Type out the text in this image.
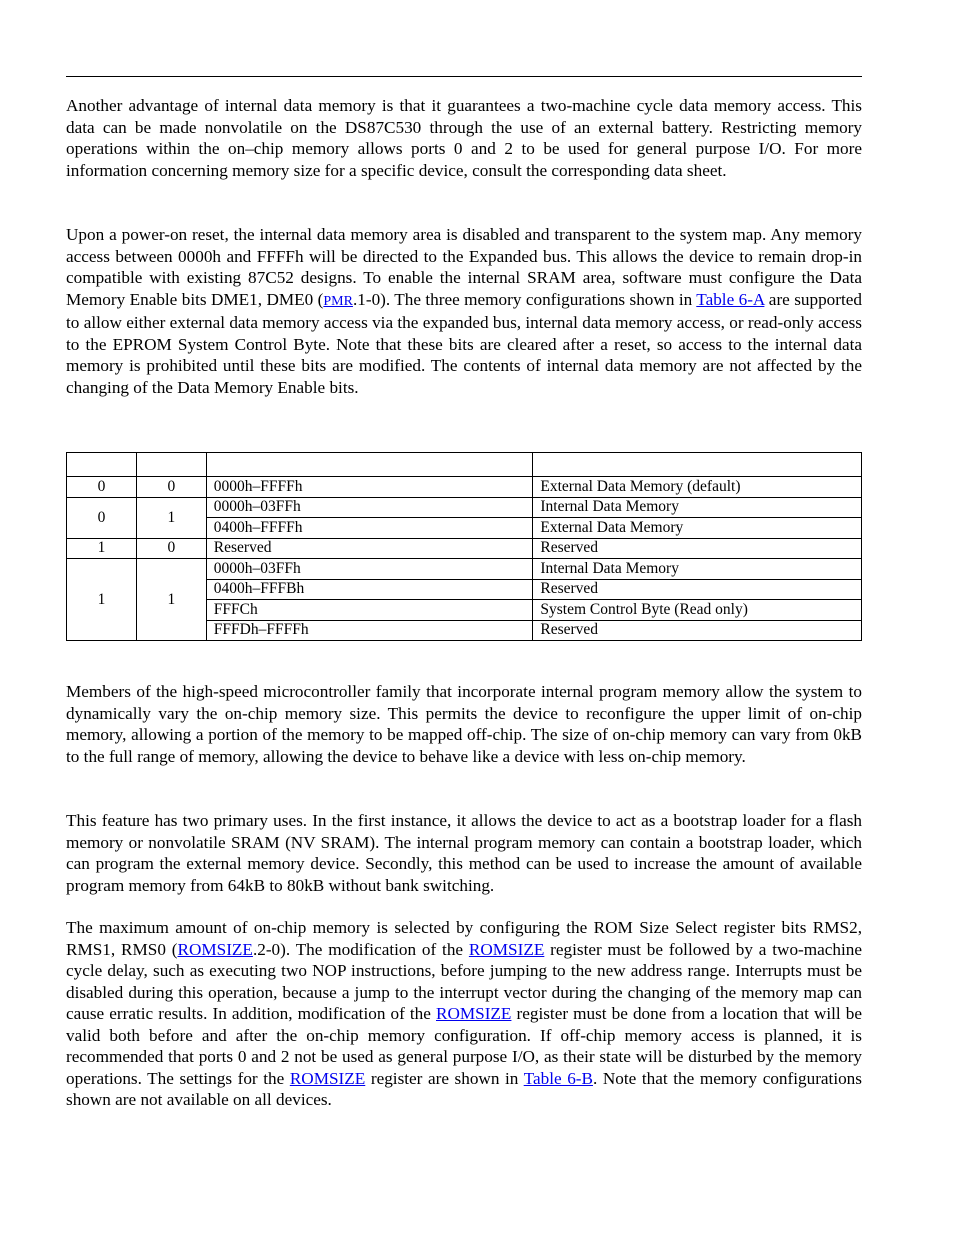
Another advantage of internal data memory is that it guarantees a two-machine cycle data memory access. This data can be made nonvolatile on the DS87C530 through the use of an external battery. Restricting memory operations within the on–chip memory allows ports 0 and 2 to be used for general purpose I/O. For more information concerning memory size for a specific device, consult the corresponding data sheet.

Upon a power-on reset, the internal data memory area is disabled and transparent to the system map. Any memory access between 0000h and FFFFh will be directed to the Expanded bus. This allows the device to remain drop-in compatible with existing 87C52 designs. To enable the internal SRAM area, software must configure the Data Memory Enable bits DME1, DME0 (PMR.1-0). The three memory configurations shown in Table 6-A are supported to allow either external data memory access via the expanded bus, internal data memory access, or read-only access to the EPROM System Control Byte. Note that these bits are cleared after a reset, so access to the internal data memory is prohibited until these bits are modified. The contents of internal data memory are not affected by the changing of the Data Memory Enable bits.

0	0	0000h–FFFFh	External Data Memory (default)
0	1	0000h–03FFh	Internal Data Memory
		0400h–FFFFh	External Data Memory
1	0	Reserved	Reserved
1	1	0000h–03FFh	Internal Data Memory
		0400h–FFFBh	Reserved
		FFFCh	System Control Byte (Read only)
		FFFDh–FFFFh	Reserved

Members of the high-speed microcontroller family that incorporate internal program memory allow the system to dynamically vary the on-chip memory size. This permits the device to reconfigure the upper limit of on-chip memory, allowing a portion of the memory to be mapped off-chip. The size of on-chip memory can vary from 0kB to the full range of memory, allowing the device to behave like a device with less on-chip memory.

This feature has two primary uses. In the first instance, it allows the device to act as a bootstrap loader for a flash memory or nonvolatile SRAM (NV SRAM). The internal program memory can contain a bootstrap loader, which can program the external memory device. Secondly, this method can be used to increase the amount of available program memory from 64kB to 80kB without bank switching.

The maximum amount of on-chip memory is selected by configuring the ROM Size Select register bits RMS2, RMS1, RMS0 (ROMSIZE.2-0). The modification of the ROMSIZE register must be followed by a two-machine cycle delay, such as executing two NOP instructions, before jumping to the new address range. Interrupts must be disabled during this operation, because a jump to the interrupt vector during the changing of the memory map can cause erratic results. In addition, modification of the ROMSIZE register must be done from a location that will be valid both before and after the on-chip memory configuration. If off-chip memory access is planned, it is recommended that ports 0 and 2 not be used as general purpose I/O, as their state will be disturbed by the memory operations. The settings for the ROMSIZE register are shown in Table 6-B. Note that the memory configurations shown are not available on all devices.
